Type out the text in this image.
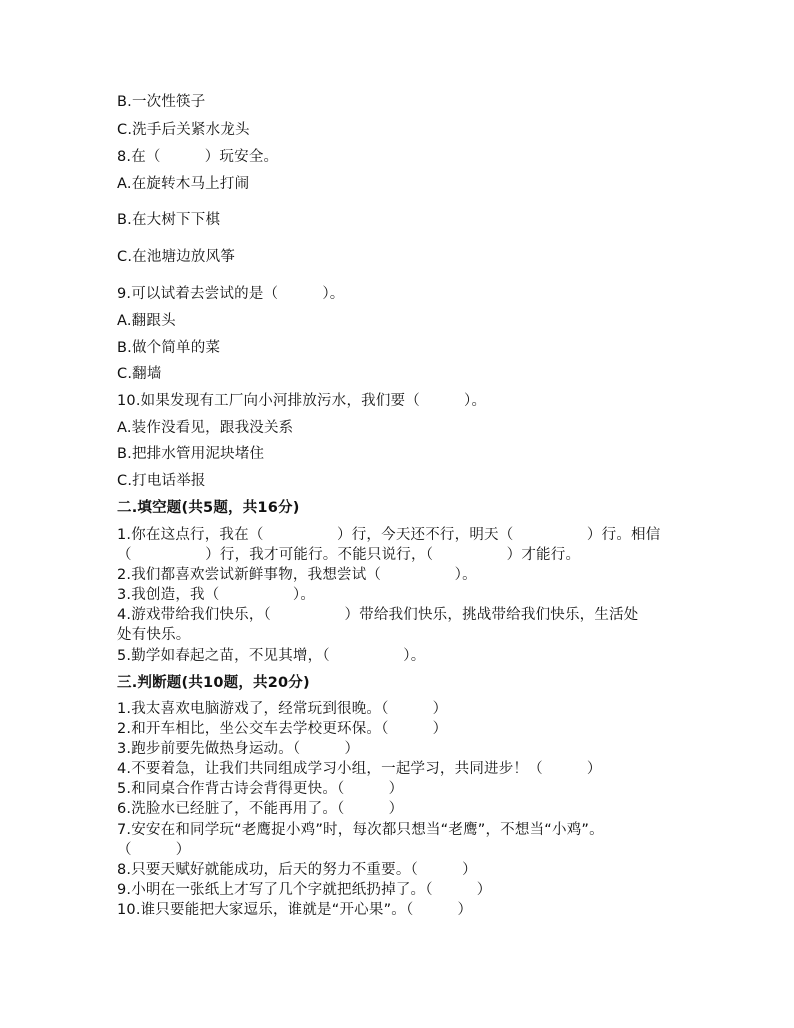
B.一次性筷子
C.洗手后关紧水龙头
8.在（　　　）玩安全。
A.在旋转木马上打闹
B.在大树下下棋
C.在池塘边放风筝
9.可以试着去尝试的是（　　　）。
A.翻跟头
B.做个简单的菜
C.翻墙
10.如果发现有工厂向小河排放污水，我们要（　　　）。
A.装作没看见，跟我没关系
B.把排水管用泥块堵住
C.打电话举报
二.填空题(共5题，共16分)
1.你在这点行，我在（　　　　　）行，今天还不行，明天（　　　　　）行。相信
（　　　　　）行，我才可能行。不能只说行，（　　　　　）才能行。
2.我们都喜欢尝试新鲜事物，我想尝试（　　　　　）。
3.我创造，我（　　　　　）。
4.游戏带给我们快乐，（　　　　　）带给我们快乐，挑战带给我们快乐，生活处
处有快乐。
5.勤学如春起之苗，不见其增，（　　　　　）。
三.判断题(共10题，共20分)
1.我太喜欢电脑游戏了，经常玩到很晚。（　　　）
2.和开车相比，坐公交车去学校更环保。（　　　）
3.跑步前要先做热身运动。（　　　）
4.不要着急，让我们共同组成学习小组，一起学习，共同进步！（　　　）
5.和同桌合作背古诗会背得更快。（　　　）
6.洗脸水已经脏了，不能再用了。（　　　）
7.安安在和同学玩“老鹰捉小鸡”时，每次都只想当“老鹰”，不想当“小鸡”。
（　　　）
8.只要天赋好就能成功，后天的努力不重要。（　　　）
9.小明在一张纸上才写了几个字就把纸扔掉了。（　　　）
10.谁只要能把大家逗乐，谁就是“开心果”。（　　　）
